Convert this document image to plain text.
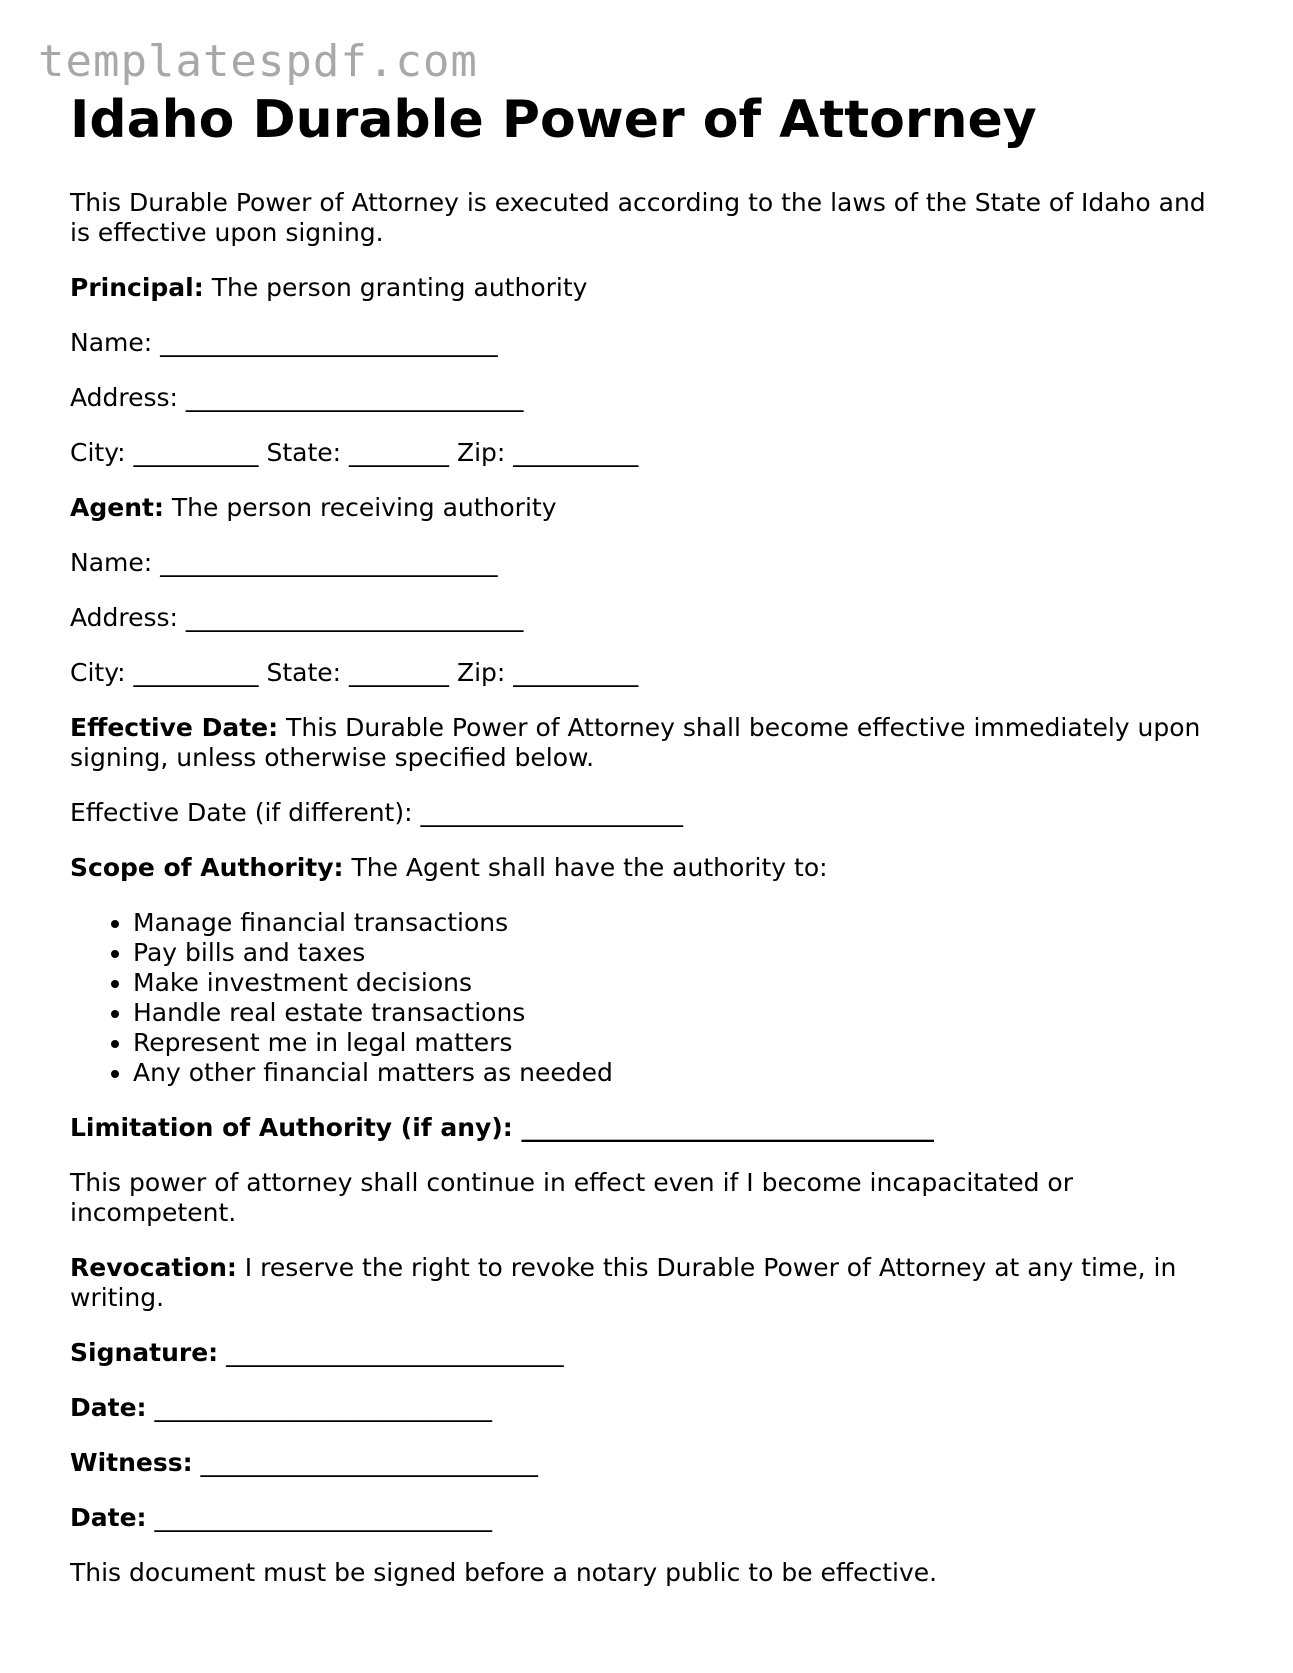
templatespdf.com
Idaho Durable Power of Attorney

This Durable Power of Attorney is executed according to the laws of the State of Idaho and is effective upon signing.

Principal: The person granting authority

Name: ___________________________

Address: ___________________________

City: __________ State: ________ Zip: __________

Agent: The person receiving authority

Name: ___________________________

Address: ___________________________

City: __________ State: ________ Zip: __________

Effective Date: This Durable Power of Attorney shall become effective immediately upon signing, unless otherwise specified below.

Effective Date (if different): _____________________

Scope of Authority: The Agent shall have the authority to:

• Manage financial transactions
• Pay bills and taxes
• Make investment decisions
• Handle real estate transactions
• Represent me in legal matters
• Any other financial matters as needed

Limitation of Authority (if any): _________________________________

This power of attorney shall continue in effect even if I become incapacitated or incompetent.

Revocation: I reserve the right to revoke this Durable Power of Attorney at any time, in writing.

Signature: ___________________________

Date: ___________________________

Witness: ___________________________

Date: ___________________________

This document must be signed before a notary public to be effective.
